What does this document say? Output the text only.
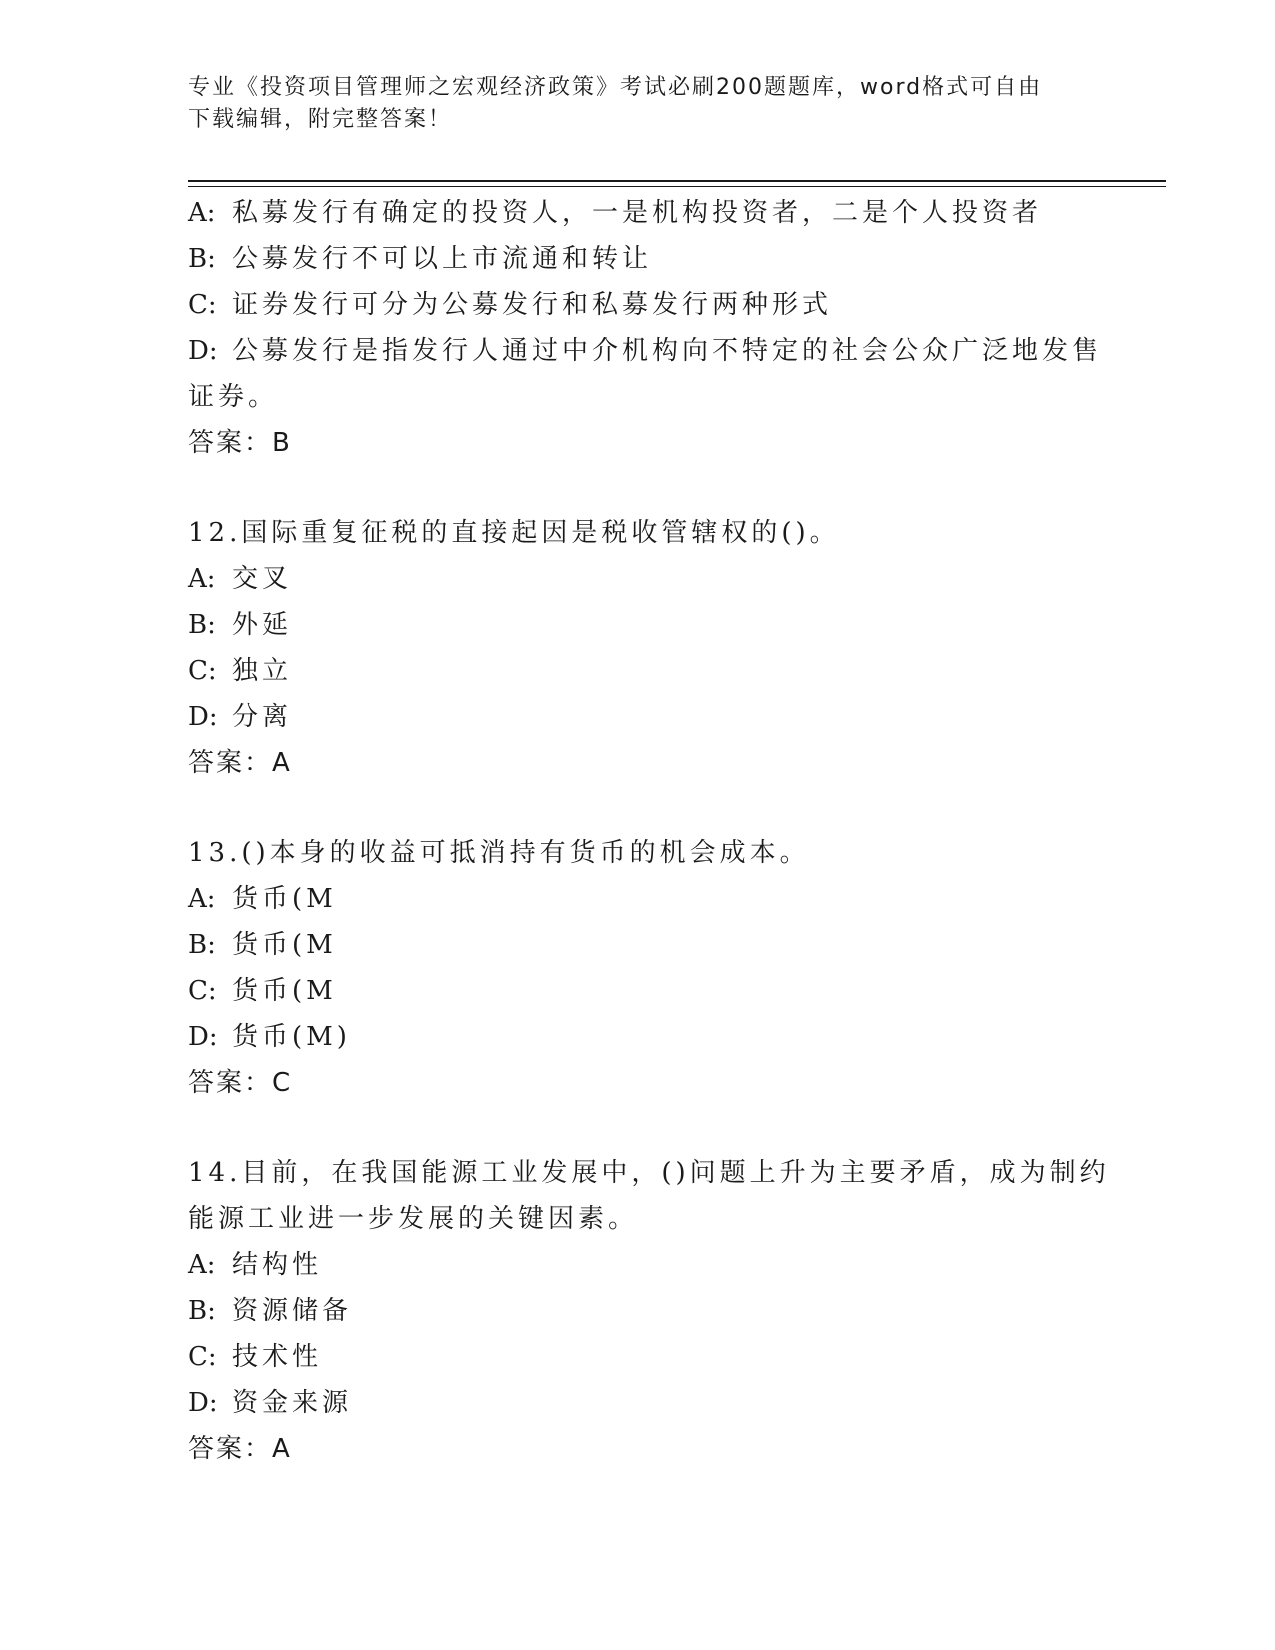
专业《投资项目管理师之宏观经济政策》考试必刷200题题库，word格式可自由
下载编辑，附完整答案！
A: 私募发行有确定的投资人，一是机构投资者，二是个人投资者
B: 公募发行不可以上市流通和转让
C: 证券发行可分为公募发行和私募发行两种形式
D: 公募发行是指发行人通过中介机构向不特定的社会公众广泛地发售
证券。
答案：B
12.国际重复征税的直接起因是税收管辖权的()。
A: 交叉
B: 外延
C: 独立
D: 分离
答案：A
13.()本身的收益可抵消持有货币的机会成本。
A: 货币(M
B: 货币(M
C: 货币(M
D: 货币(M)
答案：C
14.目前，在我国能源工业发展中，()问题上升为主要矛盾，成为制约
能源工业进一步发展的关键因素。
A: 结构性
B: 资源储备
C: 技术性
D: 资金来源
答案：A
